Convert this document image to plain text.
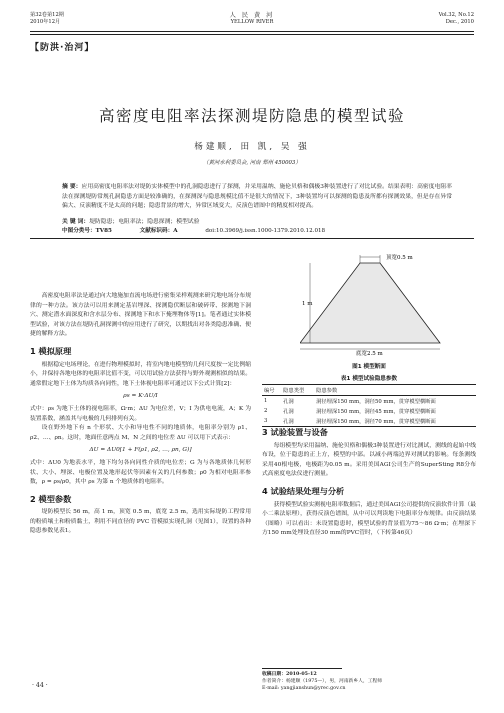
第32卷第12期
2010年12月
人 民 黄 河
YELLOW RIVER
Vol.32, No.12
Dec., 2010
【防洪·治河】
高密度电阻率法探测堤防隐患的模型试验
杨建顺, 田 凯, 吴 强
（黄河水利委员会, 河南 郑州 450003）
摘 要：应用高密度电阻率法对堤防实体模型中的孔洞隐患进行了探测，并采用温纳、施伦贝格和偶极3种装置进行了对比试验。结果表明：高密度电阻率法在探测堤防常规孔洞隐患方面是较准确的，在探测深与隐患规模比值不是很大的情况下，3种装置均可以探测的隐患及所都有探测效果，但是存在异常偏大、反演精度不是太高的问题；隐患背景的增大，异常区域变大，反演色谱图中的精度相对提高。
关 键 词：堤防隐患；电阻率法；隐患探测；模型试验
中图分类号：TV85	文献标识码：A	doi:10.3969/j.issn.1000-1379.2010.12.018
高密度电阻率法是通过向大地施加直流电场进行密集采样观测来研究地电场分布规律的一种方法。该方法可以用来测定基岩埋深、探测隐伏断层和破碎带、探测地下洞穴、测定潜水面深度和含水层分布、探测地下和水下掩埋物体等[1]。笔者通过实体模型试验，对该方法在堤防孔洞探测中的应用进行了研究，以期找出对各类隐患准确、便捷的解释方法。
1 模拟原理
根据稳定电场理论，在进行物理模拟时，将室内地电模型的几何尺度按一定比例缩小，并保持各地电体的电阻率比值不变，可以用试验方法获得与野外观测相似的结果。通常假定地下土体为均质各向同性，地下土体视电阻率可通过以下公式计算[2]：
ρs = K·ΔU/I
式中：ρs 为地下土体的视电阻率，Ω·m；ΔU 为电位差，V；I 为供电电流，A；K 为装置系数，涵盖其与电极的几何排列有关。
设在野外地下有 n 个形状、大小和导电性不同的地质体，电阻率分别为 ρ1、ρ2、…、ρn。这时，地面任意两点 M、N 之间的电位差 ΔU 可以用下式表示：
ΔU = ΔU0[1 + F(ρ1, ρ2, …, ρn, G)]
式中：ΔU0 为地表水平，地下均匀各向同性介质的电位差；G 为与各地质体几何形状、大小、埋深、电极位置及地形起伏等因素有关的几何参数；ρ0 为相对电阻率参数，ρ = ρs/ρ0，其中 ρs 为第 n 个地质体的电阻率。
2 模型参数
堤防模型长 56 m，高 1 m，顶宽 0.5 m，底宽 2.5 m，选用实际堤防工程常用的粉质壤土和粉质黏土，利用不同直径的 PVC 管模拟实现孔洞（见图1），设置的各种隐患参数见表1。
顶宽0.5 m
1 m
底宽2.5 m
图1 模型断面
表1 模型试验隐患参数
编号	隐患类型	隐患参数
1	孔洞	洞径埋深150 mm，洞径50 mm，贯穿模型横断面
2	孔洞	洞径埋深150 mm，洞径45 mm，贯穿模型横断面
3	孔洞	洞径埋深150 mm，洞径70 mm，贯穿模型横断面
3 试验装置与设备
每组模型均采用温纳、施伦贝格和偶极3种装置进行对比测试，测线的起始中线布设，位于隐患的正上方，模型的中部。以减小两端边界对测试的影响。每条测线采用40根电极，电极距为0.05 m。采用美国AGI公司生产的SuperSting R8分布式高密度电法仪进行测量。
4 试验结果处理与分析
获得模型试验实测视电阻率数据后，通过美国AGI公司提供的反演软件计算（最小二乘法原理），获得反演色谱图，从中可以判读地下电阻率分布规律。由反演结果（图略）可以看出：未设置隐患时，模型试验的背景值为75～86 Ω·m；在埋深下方150 mm处埋设直径30 mm的PVC管时，（下转第46页）
收稿日期：2010-05-12
作者简介：杨建顺（1975—），男，河南新乡人，工程师
E-mail: yangjianshun@yrec.gov.cn
· 44 ·
